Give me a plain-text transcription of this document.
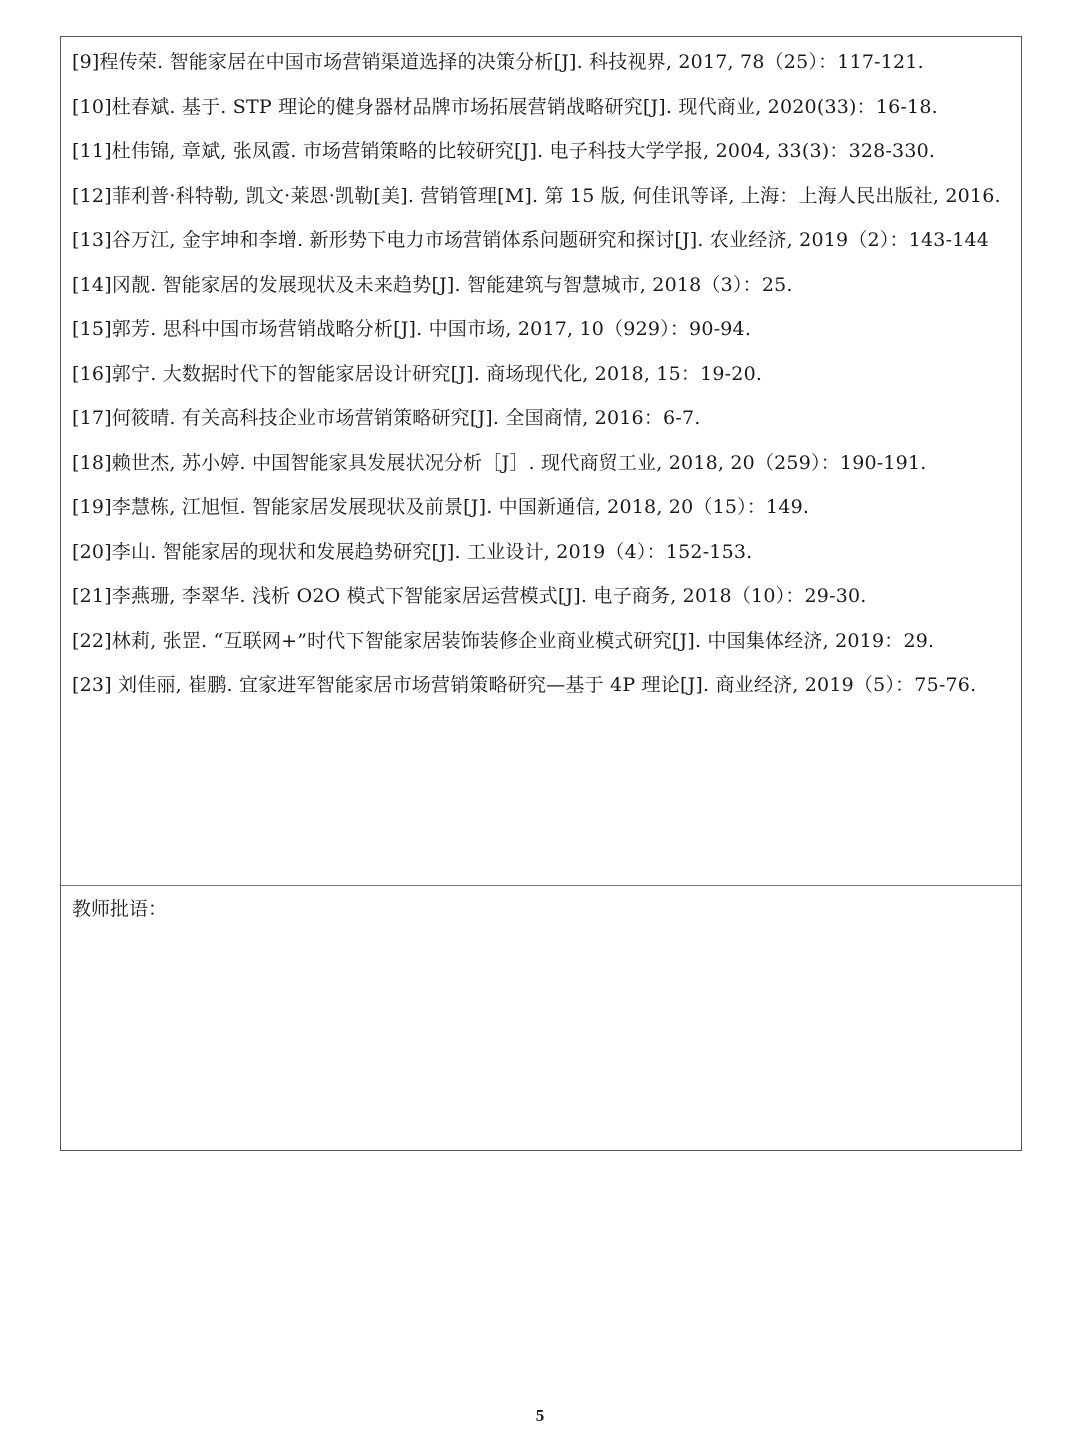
[9]程传荣. 智能家居在中国市场营销渠道选择的决策分析[J]. 科技视界, 2017, 78（25）：117-121.

[10]杜春斌. 基于. STP 理论的健身器材品牌市场拓展营销战略研究[J]. 现代商业, 2020(33)：16-18.

[11]杜伟锦, 章斌, 张凤霞. 市场营销策略的比较研究[J]. 电子科技大学学报, 2004, 33(3)：328-330.

[12]菲利普·科特勒, 凯文·莱恩·凯勒[美]. 营销管理[M]. 第 15 版, 何佳讯等译, 上海：上海人民出版社, 2016.

[13]谷万江, 金宇坤和李增. 新形势下电力市场营销体系问题研究和探讨[J]. 农业经济, 2019（2）：143-144

[14]冈靓. 智能家居的发展现状及未来趋势[J]. 智能建筑与智慧城市, 2018（3）：25.

[15]郭芳. 思科中国市场营销战略分析[J]. 中国市场, 2017, 10（929）：90-94.

[16]郭宁. 大数据时代下的智能家居设计研究[J]. 商场现代化, 2018, 15：19-20.

[17]何筱晴. 有关高科技企业市场营销策略研究[J]. 全国商情, 2016：6-7.

[18]赖世杰, 苏小婷. 中国智能家具发展状况分析［J］. 现代商贸工业, 2018, 20（259）：190-191.

[19]李慧栋, 江旭恒. 智能家居发展现状及前景[J]. 中国新通信, 2018, 20（15）：149.

[20]李山. 智能家居的现状和发展趋势研究[J]. 工业设计, 2019（4）：152-153.

[21]李燕珊, 李翠华. 浅析 O2O 模式下智能家居运营模式[J]. 电子商务, 2018（10）：29-30.

[22]林莉, 张罡. “互联网+”时代下智能家居装饰装修企业商业模式研究[J]. 中国集体经济, 2019：29.

[23] 刘佳丽, 崔鹏. 宜家进军智能家居市场营销策略研究—基于 4P 理论[J]. 商业经济, 2019（5）：75-76.

教师批语：
5
